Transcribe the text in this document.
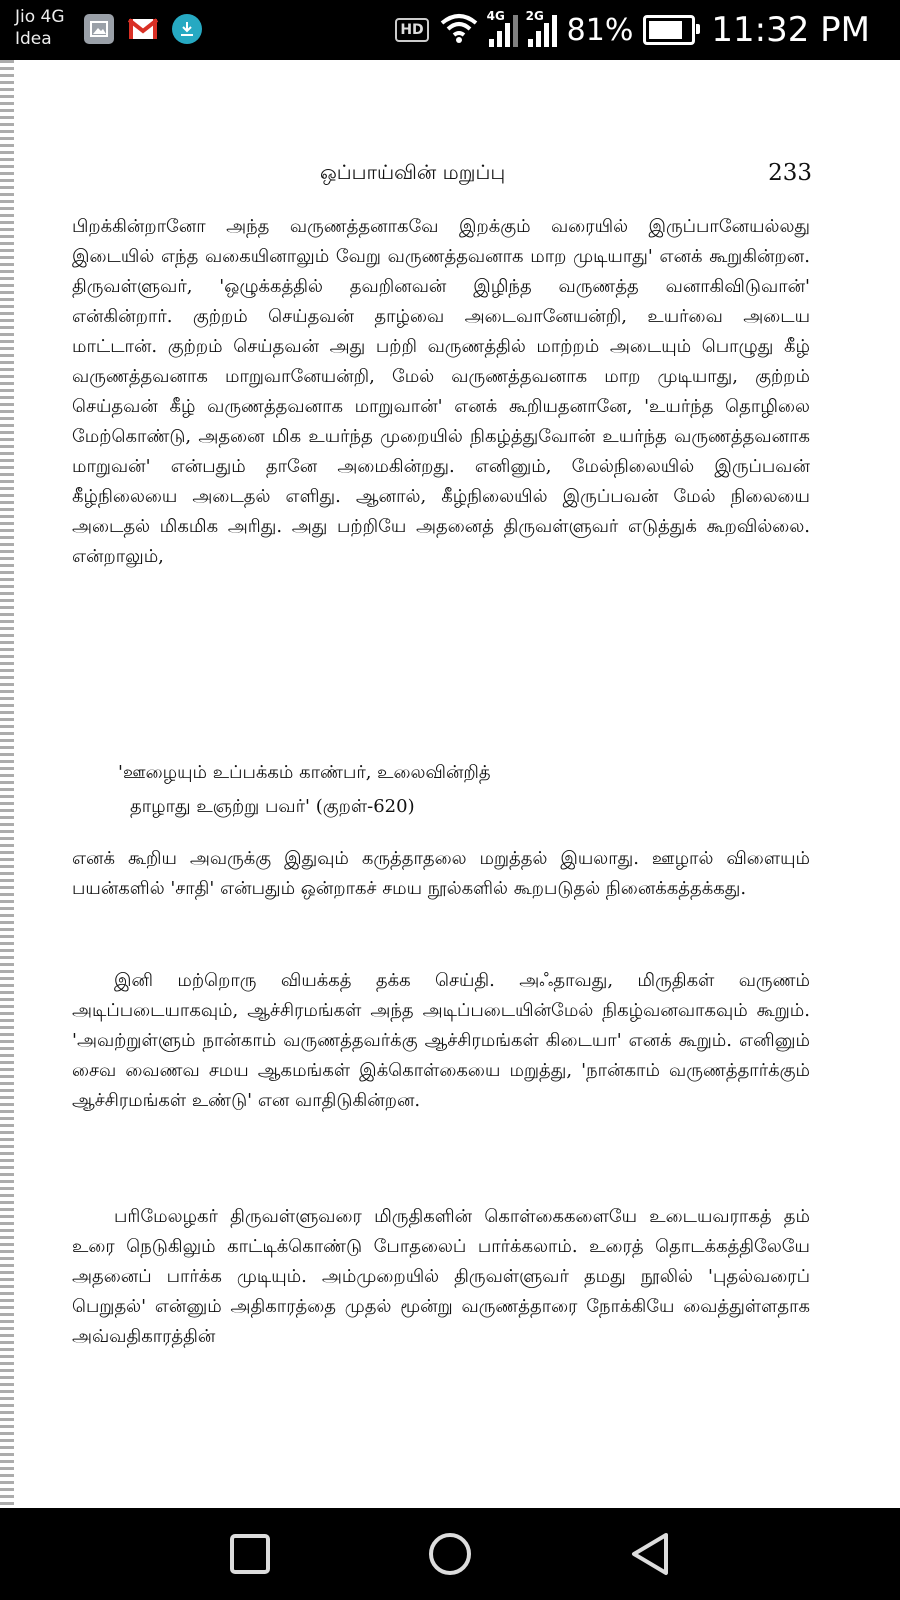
Jio 4G
Idea	HD
4G 2G 81% 11:32 PM
ஒப்பாய்வின் மறுப்பு	233
பிறக்கின்றானோ அந்த வருணத்தனாகவே இறக்கும் வரையில் இருப்பானேயல்லது இடையில் எந்த வகையினாலும் வேறு வருணத்தவனாக மாற முடியாது' எனக் கூறுகின்றன. திருவள்ளுவர், 'ஒழுக்கத்தில் தவறினவன் இழிந்த வருணத்த வனாகிவிடுவான்' என்கின்றார். குற்றம் செய்தவன் தாழ்வை அடைவானேயன்றி, உயர்வை அடைய மாட்டான். குற்றம் செய்தவன் அது பற்றி வருணத்தில் மாற்றம் அடையும் பொழுது கீழ் வருணத்தவனாக மாறுவானேயன்றி, மேல் வருணத்தவனாக மாற முடியாது, குற்றம் செய்தவன் கீழ் வருணத்தவனாக மாறுவான்' எனக் கூறியதனானே, 'உயர்ந்த தொழிலை மேற்கொண்டு, அதனை மிக உயர்ந்த முறையில் நிகழ்த்துவோன் உயர்ந்த வருணத்தவனாக மாறுவன்' என்பதும் தானே அமைகின்றது. எனினும், மேல்நிலையில் இருப்பவன் கீழ்நிலையை அடைதல் எளிது. ஆனால், கீழ்நிலையில் இருப்பவன் மேல் நிலையை அடைதல் மிகமிக அரிது. அது பற்றியே அதனைத் திருவள்ளுவர் எடுத்துக் கூறவில்லை. என்றாலும்,
'ஊழையும் உப்பக்கம் காண்பர், உலைவின்றித்
தாழாது உஞற்று பவர்' (குறள்-620)
எனக் கூறிய அவருக்கு இதுவும் கருத்தாதலை மறுத்தல் இயலாது. ஊழால் விளையும் பயன்களில் 'சாதி' என்பதும் ஒன்றாகச் சமய நூல்களில் கூறபடுதல் நினைக்கத்தக்கது.
இனி மற்றொரு வியக்கத் தக்க செய்தி. அஃதாவது, மிருதிகள் வருணம் அடிப்படையாகவும், ஆச்சிரமங்கள் அந்த அடிப்படையின்மேல் நிகழ்வனவாகவும் கூறும். 'அவற்றுள்ளும் நான்காம் வருணத்தவர்க்கு ஆச்சிரமங்கள் கிடையா' எனக் கூறும். எனினும் சைவ வைணவ சமய ஆகமங்கள் இக்கொள்கையை மறுத்து, 'நான்காம் வருணத்தார்க்கும் ஆச்சிரமங்கள் உண்டு' என வாதிடுகின்றன.
பரிமேலழகர் திருவள்ளுவரை மிருதிகளின் கொள்கைகளையே உடையவராகத் தம் உரை நெடுகிலும் காட்டிக்கொண்டு போதலைப் பார்க்கலாம். உரைத் தொடக்கத்திலேயே அதனைப் பார்க்க முடியும். அம்முறையில் திருவள்ளுவர் தமது நூலில் 'புதல்வரைப் பெறுதல்' என்னும் அதிகாரத்தை முதல் மூன்று வருணத்தாரை நோக்கியே வைத்துள்ளதாக அவ்வதிகாரத்தின்
